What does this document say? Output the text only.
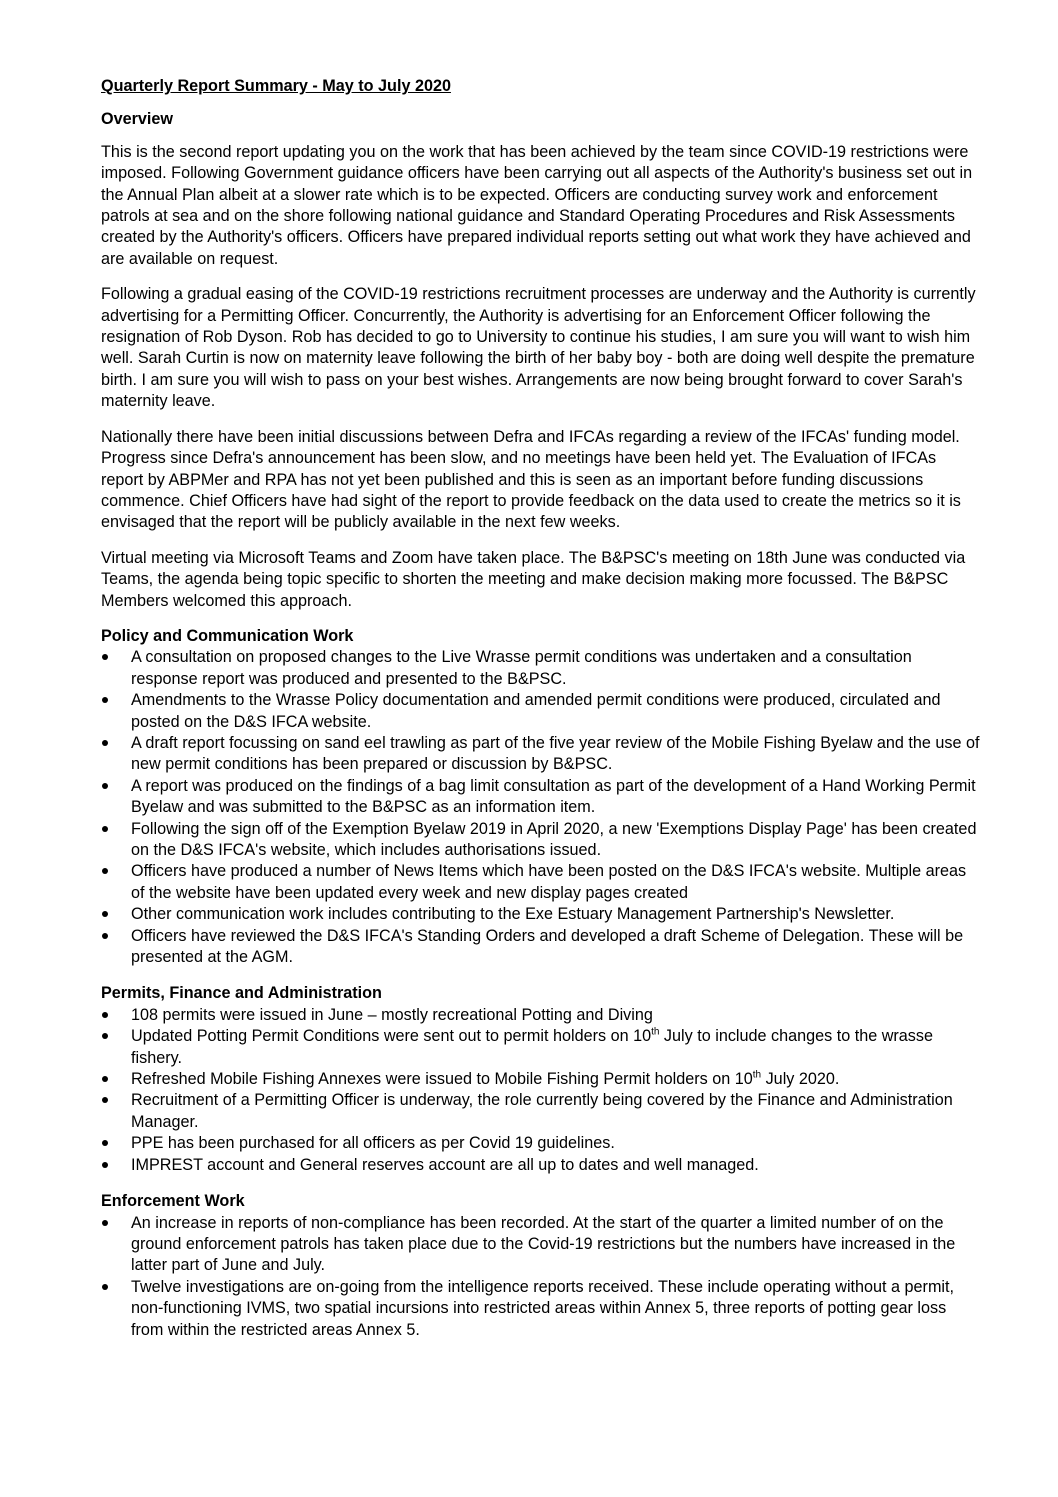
Quarterly Report Summary - May to July 2020
Overview

This is the second report updating you on the work that has been achieved by the team since COVID-19 restrictions were imposed. Following Government guidance officers have been carrying out all aspects of the Authority's business set out in the Annual Plan albeit at a slower rate which is to be expected. Officers are conducting survey work and enforcement patrols at sea and on the shore following national guidance and Standard Operating Procedures and Risk Assessments created by the Authority's officers. Officers have prepared individual reports setting out what work they have achieved and are available on request.

Following a gradual easing of the COVID-19 restrictions recruitment processes are underway and the Authority is currently advertising for a Permitting Officer. Concurrently, the Authority is advertising for an Enforcement Officer following the resignation of Rob Dyson. Rob has decided to go to University to continue his studies, I am sure you will want to wish him well. Sarah Curtin is now on maternity leave following the birth of her baby boy - both are doing well despite the premature birth. I am sure you will wish to pass on your best wishes. Arrangements are now being brought forward to cover Sarah's maternity leave.

Nationally there have been initial discussions between Defra and IFCAs regarding a review of the IFCAs' funding model. Progress since Defra's announcement has been slow, and no meetings have been held yet. The Evaluation of IFCAs report by ABPMer and RPA has not yet been published and this is seen as an important before funding discussions commence. Chief Officers have had sight of the report to provide feedback on the data used to create the metrics so it is envisaged that the report will be publicly available in the next few weeks.

Virtual meeting via Microsoft Teams and Zoom have taken place. The B&PSC's meeting on 18th June was conducted via Teams, the agenda being topic specific to shorten the meeting and make decision making more focussed. The B&PSC Members welcomed this approach.

Policy and Communication Work
A consultation on proposed changes to the Live Wrasse permit conditions was undertaken and a consultation response report was produced and presented to the B&PSC.
Amendments to the Wrasse Policy documentation and amended permit conditions were produced, circulated and posted on the D&S IFCA website.
A draft report focussing on sand eel trawling as part of the five year review of the Mobile Fishing Byelaw and the use of new permit conditions has been prepared or discussion by B&PSC.
A report was produced on the findings of a bag limit consultation as part of the development of a Hand Working Permit Byelaw and was submitted to the B&PSC as an information item.
Following the sign off of the Exemption Byelaw 2019 in April 2020, a new 'Exemptions Display Page' has been created on the D&S IFCA's website, which includes authorisations issued.
Officers have produced a number of News Items which have been posted on the D&S IFCA's website. Multiple areas of the website have been updated every week and new display pages created
Other communication work includes contributing to the Exe Estuary Management Partnership's Newsletter.
Officers have reviewed the D&S IFCA's Standing Orders and developed a draft Scheme of Delegation. These will be presented at the AGM.
Permits, Finance and Administration
108 permits were issued in June – mostly recreational Potting and Diving
Updated Potting Permit Conditions were sent out to permit holders on 10th July to include changes to the wrasse fishery.
Refreshed Mobile Fishing Annexes were issued to Mobile Fishing Permit holders on 10th July 2020.
Recruitment of a Permitting Officer is underway, the role currently being covered by the Finance and Administration Manager.
PPE has been purchased for all officers as per Covid 19 guidelines.
IMPREST account and General reserves account are all up to dates and well managed.
Enforcement Work
An increase in reports of non-compliance has been recorded. At the start of the quarter a limited number of on the ground enforcement patrols has taken place due to the Covid-19 restrictions but the numbers have increased in the latter part of June and July.
Twelve investigations are on-going from the intelligence reports received. These include operating without a permit, non-functioning IVMS, two spatial incursions into restricted areas within Annex 5, three reports of potting gear loss from within the restricted areas Annex 5.
